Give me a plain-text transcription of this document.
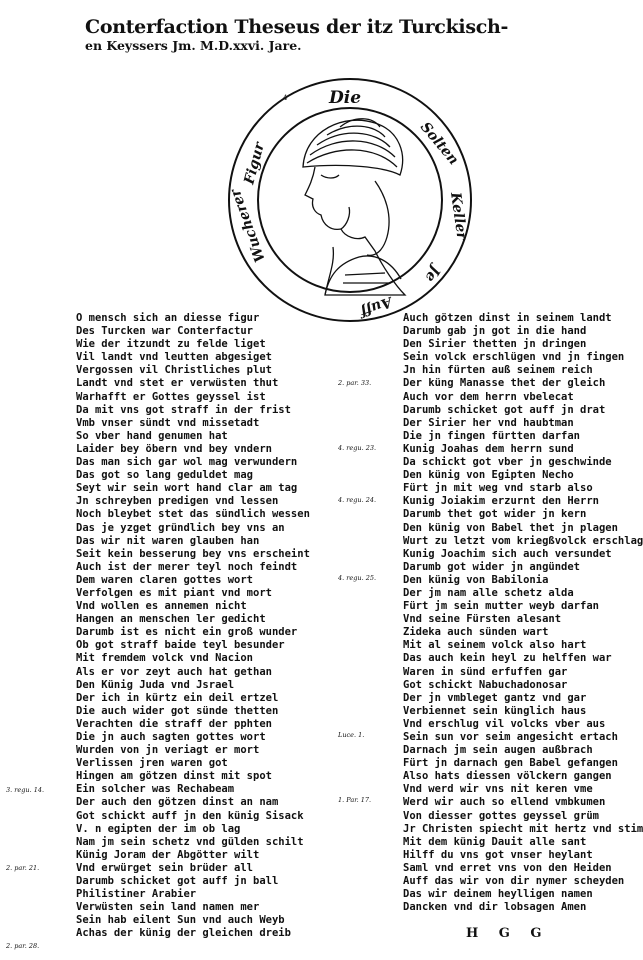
Conterfaction Theseus der itz Turckisch-
en Keyssers Jm. M.D.xxvi. Jare.
Die
4
Solten
Keller
Je
Auff
Wucherer
Figur
3. regu. 14.
2. par. 21.
2. par. 28.
2. par. 33.
4. regu. 23.
4. regu. 24.
4. regu. 25.
Luce. 1.
1. Par. 17.
O mensch sich an diesse figur
Des Turcken war Conterfactur
Wie der itzundt zu felde liget
Vil landt vnd leutten abgesiget
Vergossen vil Christliches plut
Landt vnd stet er verwüsten thut
Warhafft er Gottes geyssel ist
Da mit vns got straff in der frist
Vmb vnser sündt vnd missetadt
So vber hand genumen hat
Laider bey öbern vnd bey vndern
Das man sich gar wol mag verwundern
Das got so lang geduldet mag
Seyt wir sein wort hand clar am tag
Jn schreyben predigen vnd lessen
Noch bleybet stet das sündlich wessen
Das je yzget gründlich bey vns an
Das wir nit waren glauben han
Seit kein besserung bey vns erscheint
Auch ist der merer teyl noch feindt
Dem waren claren gottes wort
Verfolgen es mit piant vnd mort
Vnd wollen es annemen nicht
Hangen an menschen ler gedicht
Darumb ist es nicht ein groß wunder
Ob got straff baide teyl besunder
Mit fremdem volck vnd Nacion
Als er vor zeyt auch hat gethan
Den Künig Juda vnd Jsrael
Der ich in kürtz ein deil ertzel
Die auch wider got sünde thetten
Verachten die straff der pphten
Die jn auch sagten gottes wort
Wurden von jn veriagt er mort
Verlissen jren waren got
Hingen am götzen dinst mit spot
Ein solcher was Rechabeam
Der auch den götzen dinst an nam
Got schickt auff jn den künig Sisack
V. n egipten der im ob lag
Nam jm sein schetz vnd gülden schilt
Künig Joram der Abgötter wilt
Vnd erwürget sein brüder all
Darumb schicket got auff jn ball
Philistiner Arabier
Verwüsten sein land namen mer
Sein hab eilent Sun vnd auch Weyb
Achas der künig der gleichen dreib
Auch götzen dinst in seinem landt
Darumb gab jn got in die hand
Den Sirier thetten jn dringen
Sein volck erschlügen vnd jn fingen
Jn hin fürten auß seinem reich
Der küng Manasse thet der gleich
Auch vor dem herrn vbelecat
Darumb schicket got auff jn drat
Der Sirier her vnd haubtman
Die jn fingen fürtten darfan
Kunig Joahas dem herrn sund
Da schickt got vber jn geschwinde
Den künig von Egipten Necho
Fürt jn mit weg vnd starb also
Kunig Joiakim erzurnt den Herrn
Darumb thet got wider jn kern
Den künig von Babel thet jn plagen
Wurt zu letzt vom kriegßvolck erschlag
Kunig Joachim sich auch versundet
Darumb got wider jn angündet
Den künig von Babilonia
Der jm nam alle schetz alda
Fürt jm sein mutter weyb darfan
Vnd seine Fürsten alesant
Zideka auch sünden wart
Mit al seinem volck also hart
Das auch kein heyl zu helffen war
Waren in sünd erfuffen gar
Got schickt Nabuchadonosar
Der jn vmbleget gantz vnd gar
Verbiennet sein künglich haus
Vnd erschlug vil volcks vber aus
Sein sun vor seim angesicht ertach
Darnach jm sein augen außbrach
Fürt jn darnach gen Babel gefangen
Also hats diessen völckern gangen
Vnd werd wir vns nit keren vme
Werd wir auch so ellend vmbkumen
Von diesser gottes geyssel grüm
Jr Christen spiecht mit hertz vnd stim
Mit dem künig Dauit alle sant
Hilff du vns got vnser heylant
Saml vnd erret vns von den Heiden
Auff das wir von dir nymer scheyden
Das wir deinem heylligen namen
Dancken vnd dir lobsagen Amen
H G G
